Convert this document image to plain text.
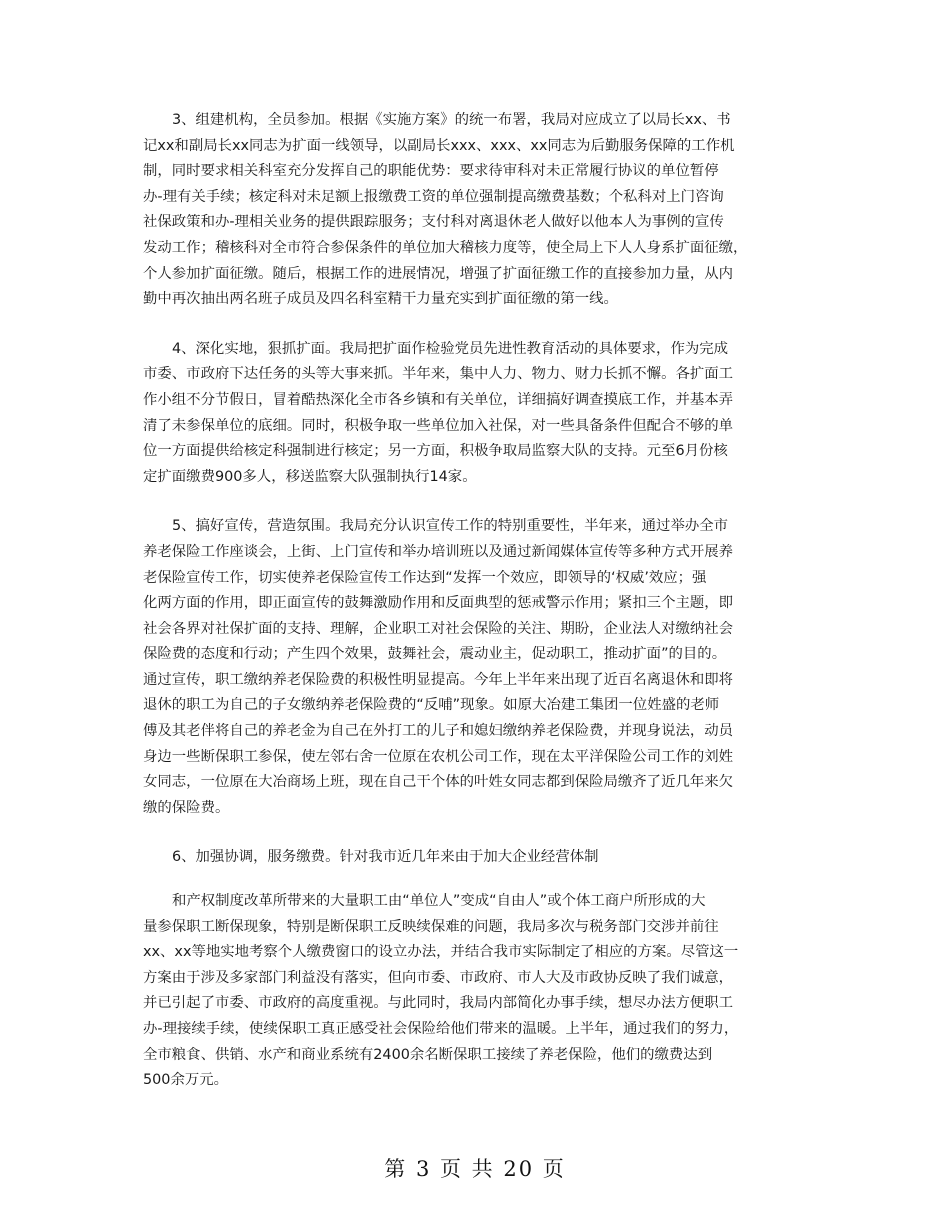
3、组建机构，全员参加。根据《实施方案》的统一布署，我局对应成立了以局长xx、书
记xx和副局长xx同志为扩面一线领导，以副局长xxx、xxx、xx同志为后勤服务保障的工作机
制，同时要求相关科室充分发挥自己的职能优势：要求待审科对未正常履行协议的单位暂停
办-理有关手续；核定科对未足额上报缴费工资的单位强制提高缴费基数；个私科对上门咨询
社保政策和办-理相关业务的提供跟踪服务；支付科对离退休老人做好以他本人为事例的宣传
发动工作；稽核科对全市符合参保条件的单位加大稽核力度等，使全局上下人人身系扩面征缴，
个人参加扩面征缴。随后，根据工作的进展情况，增强了扩面征缴工作的直接参加力量，从内
勤中再次抽出两名班子成员及四名科室精干力量充实到扩面征缴的第一线。

4、深化实地，狠抓扩面。我局把扩面作检验党员先进性教育活动的具体要求，作为完成
市委、市政府下达任务的头等大事来抓。半年来，集中人力、物力、财力长抓不懈。各扩面工
作小组不分节假日，冒着酷热深化全市各乡镇和有关单位，详细搞好调查摸底工作，并基本弄
清了未参保单位的底细。同时，积极争取一些单位加入社保，对一些具备条件但配合不够的单
位一方面提供给核定科强制进行核定；另一方面，积极争取局监察大队的支持。元至6月份核
定扩面缴费900多人，移送监察大队强制执行14家。

5、搞好宣传，营造氛围。我局充分认识宣传工作的特别重要性，半年来，通过举办全市
养老保险工作座谈会，上街、上门宣传和举办培训班以及通过新闻媒体宣传等多种方式开展养
老保险宣传工作，切实使养老保险宣传工作达到“发挥一个效应，即领导的‘权威’效应；强
化两方面的作用，即正面宣传的鼓舞激励作用和反面典型的惩戒警示作用；紧扣三个主题，即
社会各界对社保扩面的支持、理解，企业职工对社会保险的关注、期盼，企业法人对缴纳社会
保险费的态度和行动；产生四个效果，鼓舞社会，震动业主，促动职工，推动扩面”的目的。
通过宣传，职工缴纳养老保险费的积极性明显提高。今年上半年来出现了近百名离退休和即将
退休的职工为自己的子女缴纳养老保险费的“反哺”现象。如原大冶建工集团一位姓盛的老师
傅及其老伴将自己的养老金为自己在外打工的儿子和媳妇缴纳养老保险费，并现身说法，动员
身边一些断保职工参保，使左邻右舍一位原在农机公司工作，现在太平洋保险公司工作的刘姓
女同志，一位原在大冶商场上班，现在自己干个体的叶姓女同志都到保险局缴齐了近几年来欠
缴的保险费。

6、加强协调，服务缴费。针对我市近几年来由于加大企业经营体制

和产权制度改革所带来的大量职工由“单位人”变成“自由人”或个体工商户所形成的大
量参保职工断保现象，特别是断保职工反映续保难的问题，我局多次与税务部门交涉并前往
xx、xx等地实地考察个人缴费窗口的设立办法，并结合我市实际制定了相应的方案。尽管这一
方案由于涉及多家部门利益没有落实，但向市委、市政府、市人大及市政协反映了我们诚意，
并已引起了市委、市政府的高度重视。与此同时，我局内部简化办事手续，想尽办法方便职工
办-理接续手续，使续保职工真正感受社会保险给他们带来的温暖。上半年，通过我们的努力，
全市粮食、供销、水产和商业系统有2400余名断保职工接续了养老保险，他们的缴费达到
500余万元。

第 3 页 共 20 页
